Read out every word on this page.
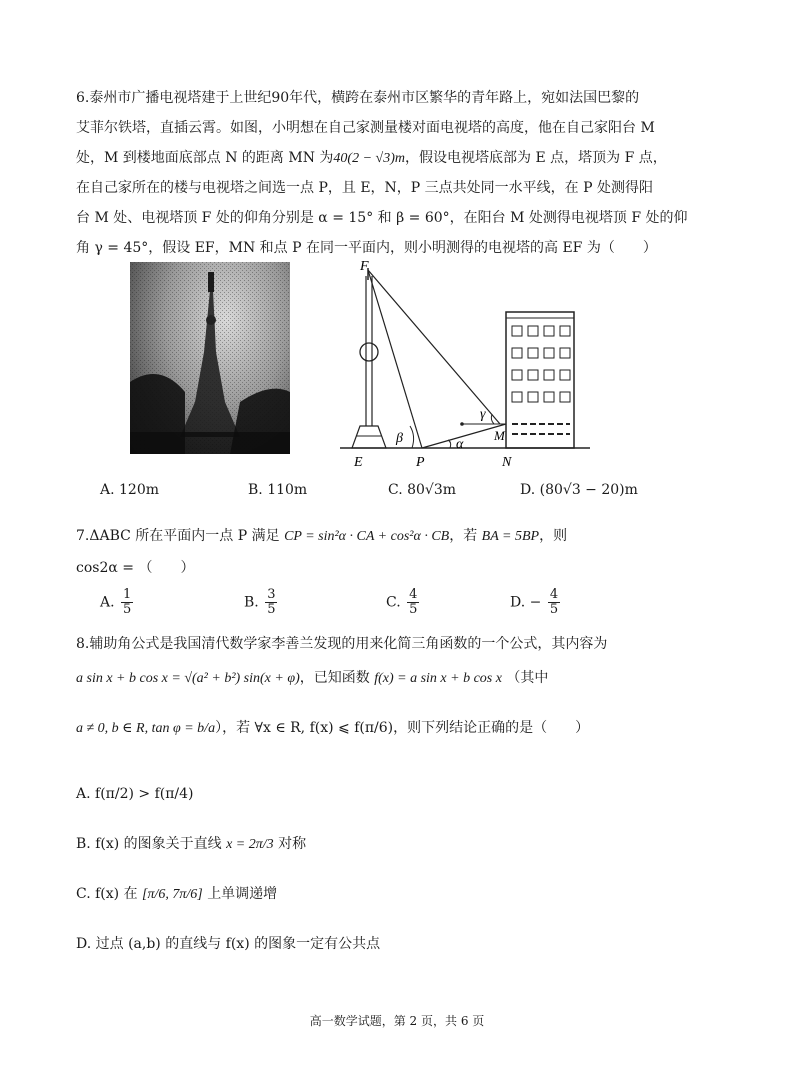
6.泰州市广播电视塔建于上世纪90年代，横跨在泰州市区繁华的青年路上，宛如法国巴黎的
艾菲尔铁塔，直插云霄。如图，小明想在自己家测量楼对面电视塔的高度，他在自己家阳台 M
处，M 到楼地面底部点 N 的距离 MN 为40(2 − √3)m，假设电视塔底部为 E 点，塔顶为 F 点，
在自己家所在的楼与电视塔之间选一点 P，且 E，N，P 三点共处同一水平线，在 P 处测得阳
台 M 处、电视塔顶 F 处的仰角分别是 α = 15° 和 β = 60°，在阳台 M 处测得电视塔顶 F 处的仰
角 γ = 45°，假设 EF，MN 和点 P 在同一平面内，则小明测得的电视塔的高 EF 为（　　）
F
E	P	N
M
α
β
γ
A. 120m	B. 110m	C. 80√3m	D. (80√3 − 20)m
7.ΔABC 所在平面内一点 P 满足 CP = sin²α · CA + cos²α · CB，若 BA = 5BP，则
cos2α = （　　）
A. $\frac{1}{5}$	B. $\frac{3}{5}$	C. $\frac{4}{5}$	D. − $\frac{4}{5}$
8.辅助角公式是我国清代数学家李善兰发现的用来化简三角函数的一个公式，其内容为
a sin x + b cos x = √(a² + b²) sin(x + φ)，已知函数 f(x) = a sin x + b cos x （其中
a ≠ 0, b ∈ R, tan φ = b/a），若 ∀x ∈ R, f(x) ⩽ f(π/6)，则下列结论正确的是（　　）
A. f(π/2) > f(π/4)
B. f(x) 的图象关于直线 x = 2π/3 对称
C. f(x) 在 [π/6, 7π/6] 上单调递增
D. 过点 (a,b) 的直线与 f(x) 的图象一定有公共点
高一数学试题，第 2 页，共 6 页
